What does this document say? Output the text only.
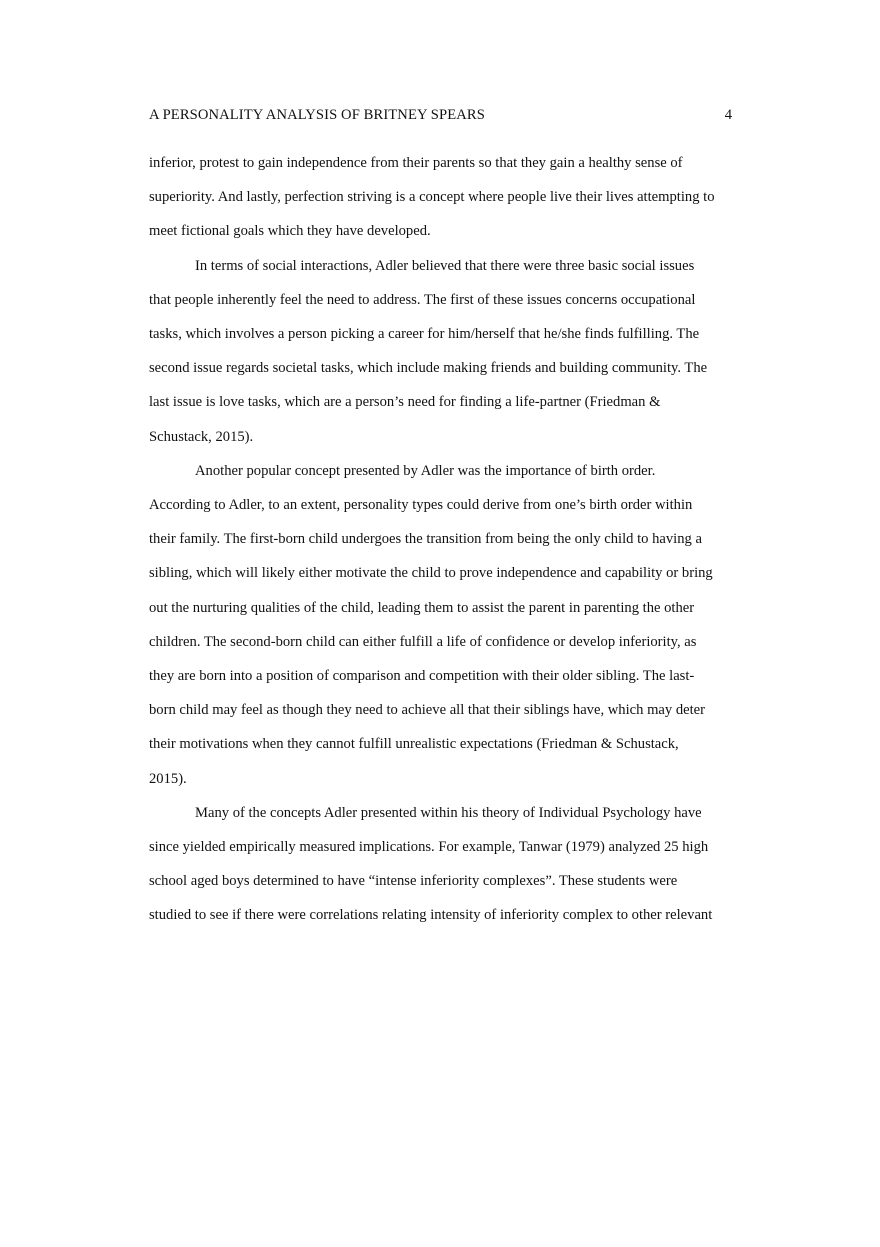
A PERSONALITY ANALYSIS OF BRITNEY SPEARS	4
inferior, protest to gain independence from their parents so that they gain a healthy sense of
superiority. And lastly, perfection striving is a concept where people live their lives attempting to
meet fictional goals which they have developed.
In terms of social interactions, Adler believed that there were three basic social issues
that people inherently feel the need to address. The first of these issues concerns occupational
tasks, which involves a person picking a career for him/herself that he/she finds fulfilling. The
second issue regards societal tasks, which include making friends and building community. The
last issue is love tasks, which are a person’s need for finding a life-partner (Friedman &
Schustack, 2015).
Another popular concept presented by Adler was the importance of birth order.
According to Adler, to an extent, personality types could derive from one’s birth order within
their family. The first-born child undergoes the transition from being the only child to having a
sibling, which will likely either motivate the child to prove independence and capability or bring
out the nurturing qualities of the child, leading them to assist the parent in parenting the other
children. The second-born child can either fulfill a life of confidence or develop inferiority, as
they are born into a position of comparison and competition with their older sibling. The last-
born child may feel as though they need to achieve all that their siblings have, which may deter
their motivations when they cannot fulfill unrealistic expectations (Friedman & Schustack,
2015).
Many of the concepts Adler presented within his theory of Individual Psychology have
since yielded empirically measured implications. For example, Tanwar (1979) analyzed 25 high
school aged boys determined to have “intense inferiority complexes”. These students were
studied to see if there were correlations relating intensity of inferiority complex to other relevant
